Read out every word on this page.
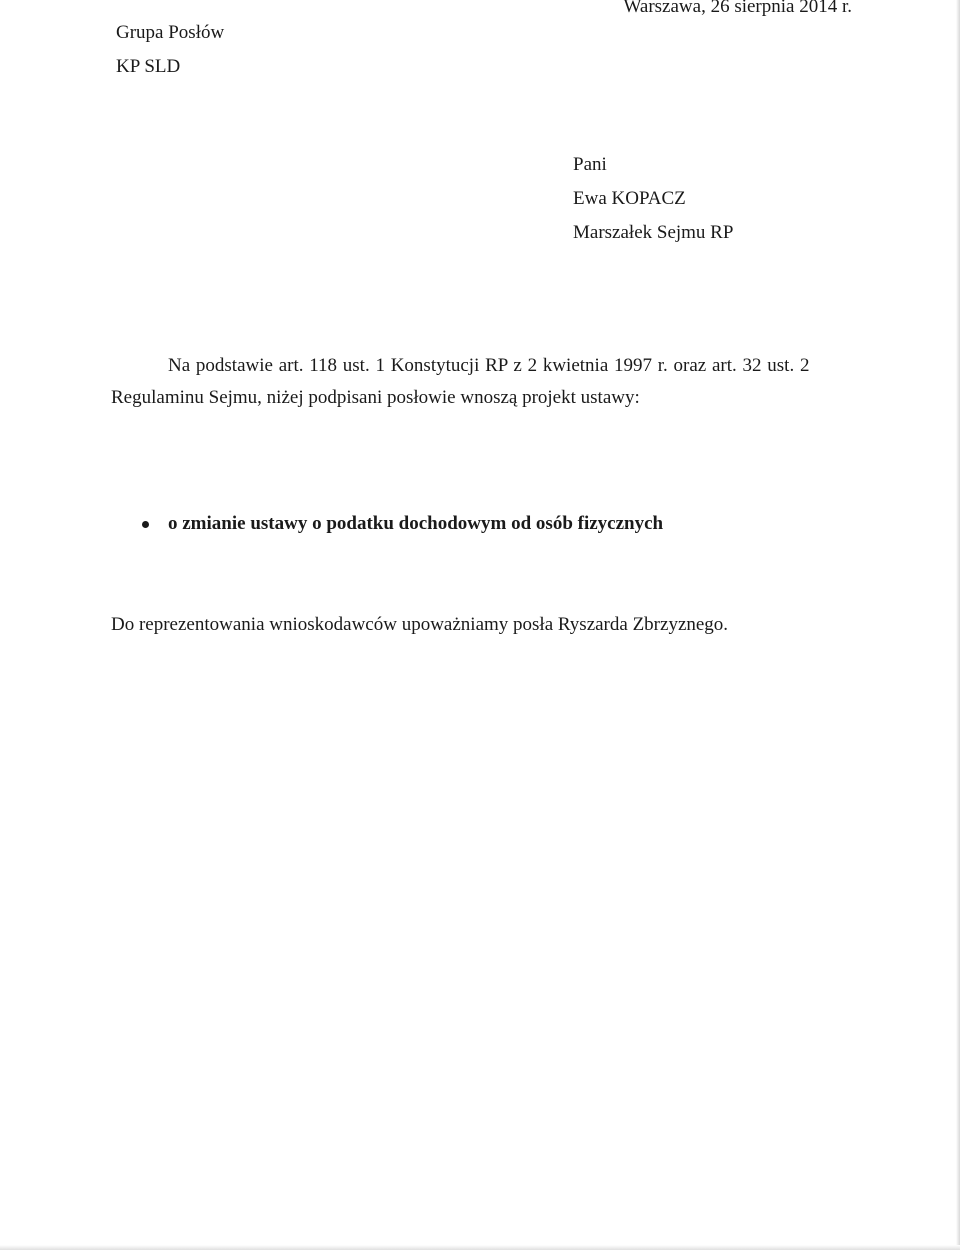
Grupa Posłów
KP SLD
Warszawa, 26 sierpnia 2014 r.
Pani
Ewa KOPACZ
Marszałek Sejmu RP
Na podstawie art. 118 ust. 1 Konstytucji RP z 2 kwietnia 1997 r. oraz art. 32 ust. 2
Regulaminu Sejmu, niżej podpisani posłowie wnoszą projekt ustawy:
o zmianie ustawy o podatku dochodowym od osób fizycznych
Do reprezentowania wnioskodawców upoważniamy posła Ryszarda Zbrzyznego.
